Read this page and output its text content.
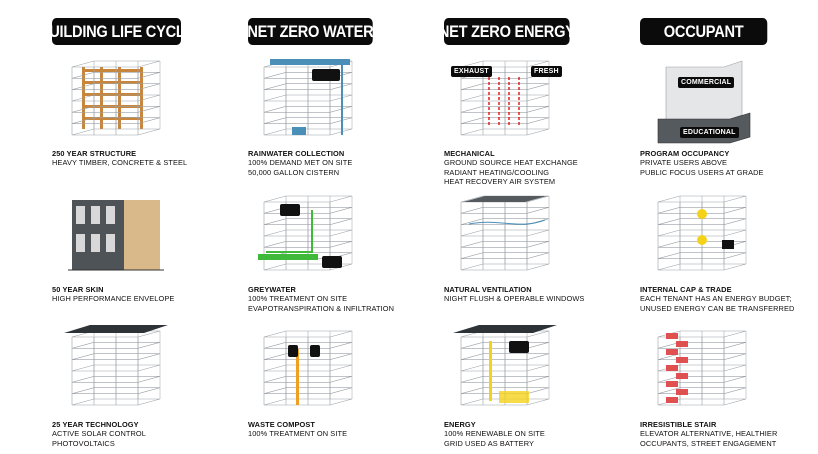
BUILDING LIFE CYCLE	NET ZERO WATER	NET ZERO ENERGY	OCCUPANT
EXHAUST	FRESH
COMMERCIAL
EDUCATIONAL
250 YEAR STRUCTURE
HEAVY TIMBER, CONCRETE & STEEL
RAINWATER COLLECTION
100% DEMAND MET ON SITE
50,000 GALLON CISTERN
MECHANICAL
GROUND SOURCE HEAT EXCHANGE
RADIANT HEATING/COOLING
HEAT RECOVERY AIR SYSTEM
PROGRAM OCCUPANCY
PRIVATE USERS ABOVE
PUBLIC FOCUS USERS AT GRADE
50 YEAR SKIN
HIGH PERFORMANCE ENVELOPE
GREYWATER
100% TREATMENT ON SITE
EVAPOTRANSPIRATION & INFILTRATION
NATURAL VENTILATION
NIGHT FLUSH & OPERABLE WINDOWS
INTERNAL CAP & TRADE
EACH TENANT HAS AN ENERGY BUDGET;
UNUSED ENERGY CAN BE TRANSFERRED
25 YEAR TECHNOLOGY
ACTIVE SOLAR CONTROL
PHOTOVOLTAICS
WASTE COMPOST
100% TREATMENT ON SITE
ENERGY
100% RENEWABLE ON SITE
GRID USED AS BATTERY
IRRESISTIBLE STAIR
ELEVATOR ALTERNATIVE, HEALTHIER
OCCUPANTS, STREET ENGAGEMENT
